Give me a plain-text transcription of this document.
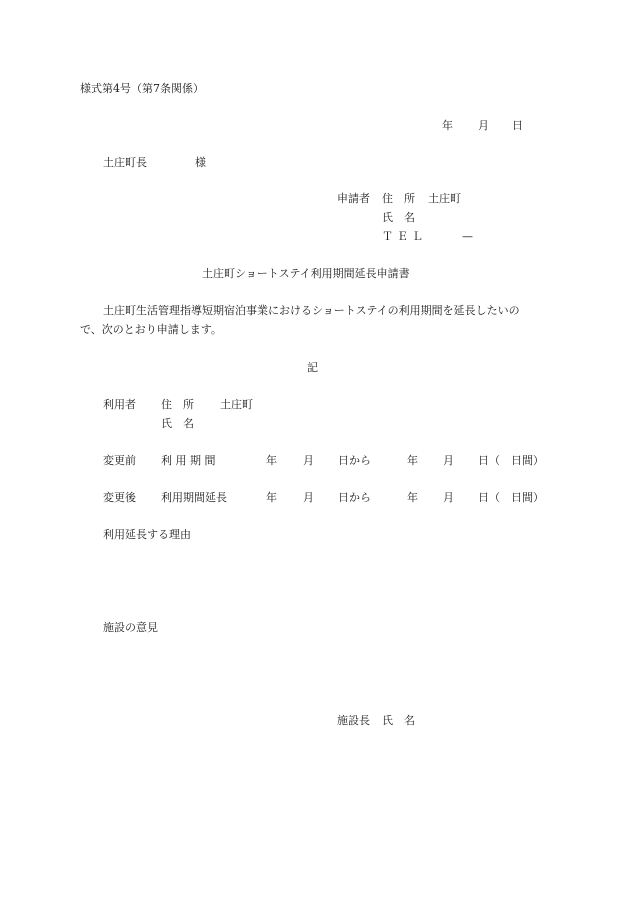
様式第4号（第7条関係）
年 月 日
土庄町長	様
申請者 住　所 土庄町
氏　名
ＴＥＬ	—
土庄町ショートステイ利用期間延長申請書
土庄町生活管理指導短期宿泊事業におけるショートステイの利用期間を延長したいの
で、次のとおり申請します。
記
利用者 住　所 土庄町
氏　名
変更前 利 用 期 間	年 月 日から	年 月 日（　日間）
変更後 利用期間延長	年 月 日から	年 月 日（　日間）
利用延長する理由
施設の意見
施設長 氏　名
